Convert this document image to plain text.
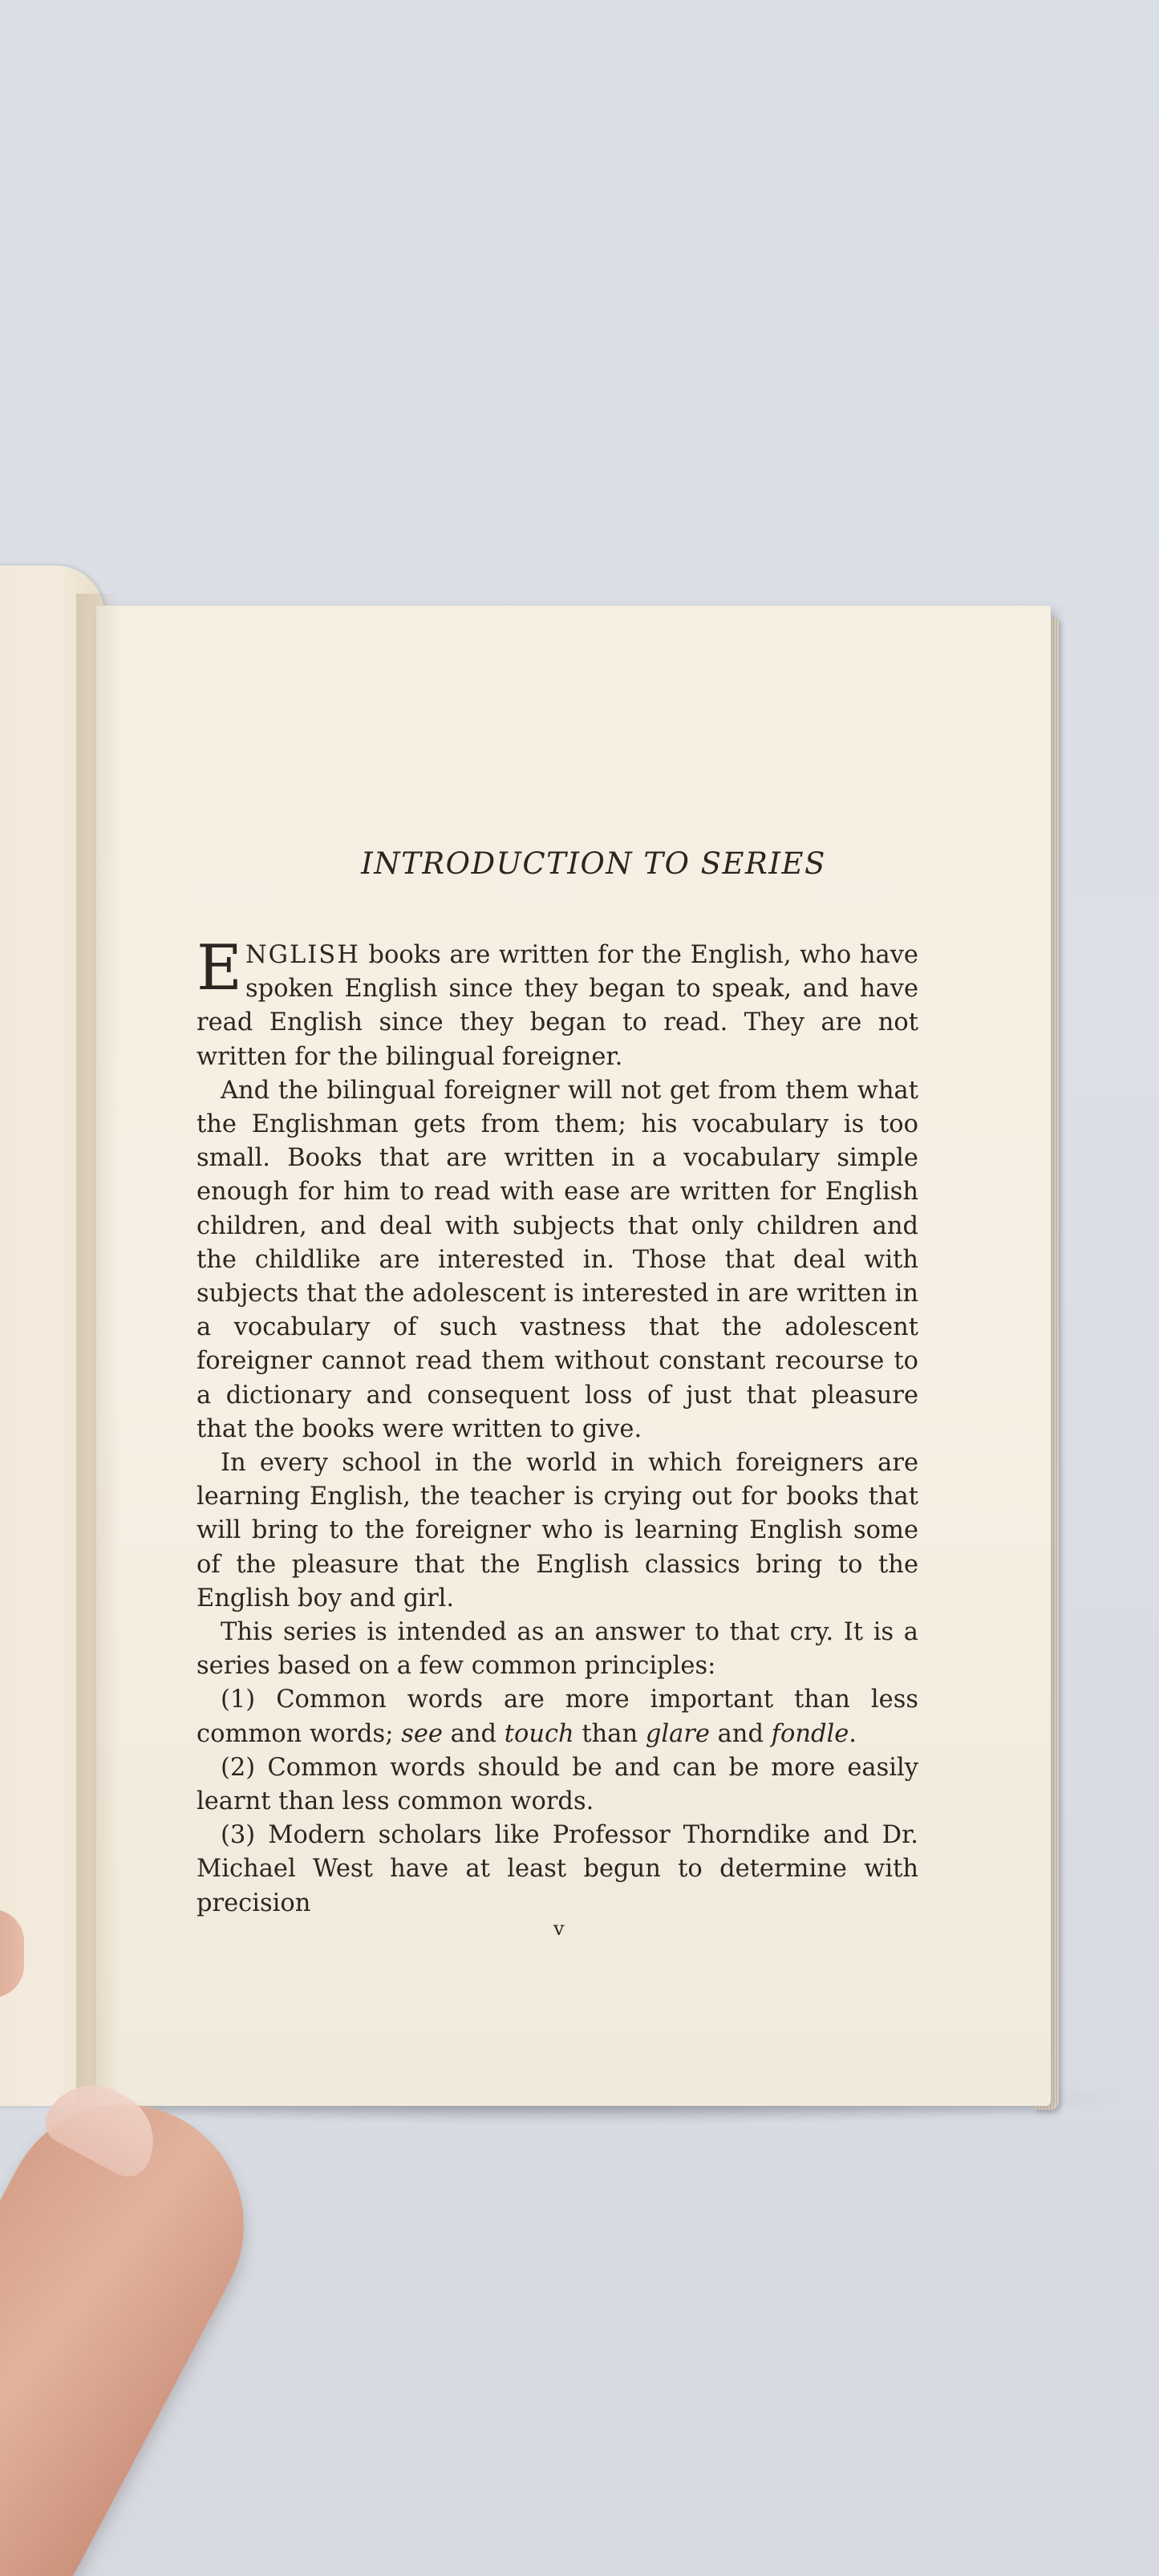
INTRODUCTION TO SERIES

ENGLISH books are written for the English, who have spoken English since they began to speak, and have read English since they began to read. They are not written for the bilingual foreigner.

And the bilingual foreigner will not get from them what the Englishman gets from them; his vocabulary is too small. Books that are written in a vocabulary simple enough for him to read with ease are written for English children, and deal with subjects that only children and the childlike are interested in. Those that deal with subjects that the adolescent is interested in are written in a vocabulary of such vastness that the adolescent foreigner cannot read them without constant recourse to a dictionary and consequent loss of just that pleasure that the books were written to give.

In every school in the world in which foreigners are learning English, the teacher is crying out for books that will bring to the foreigner who is learning English some of the pleasure that the English classics bring to the English boy and girl.

This series is intended as an answer to that cry. It is a series based on a few common principles:

(1) Common words are more important than less common words; see and touch than glare and fondle.

(2) Common words should be and can be more easily learnt than less common words.

(3) Modern scholars like Professor Thorndike and Dr. Michael West have at least begun to determine with precision

v
